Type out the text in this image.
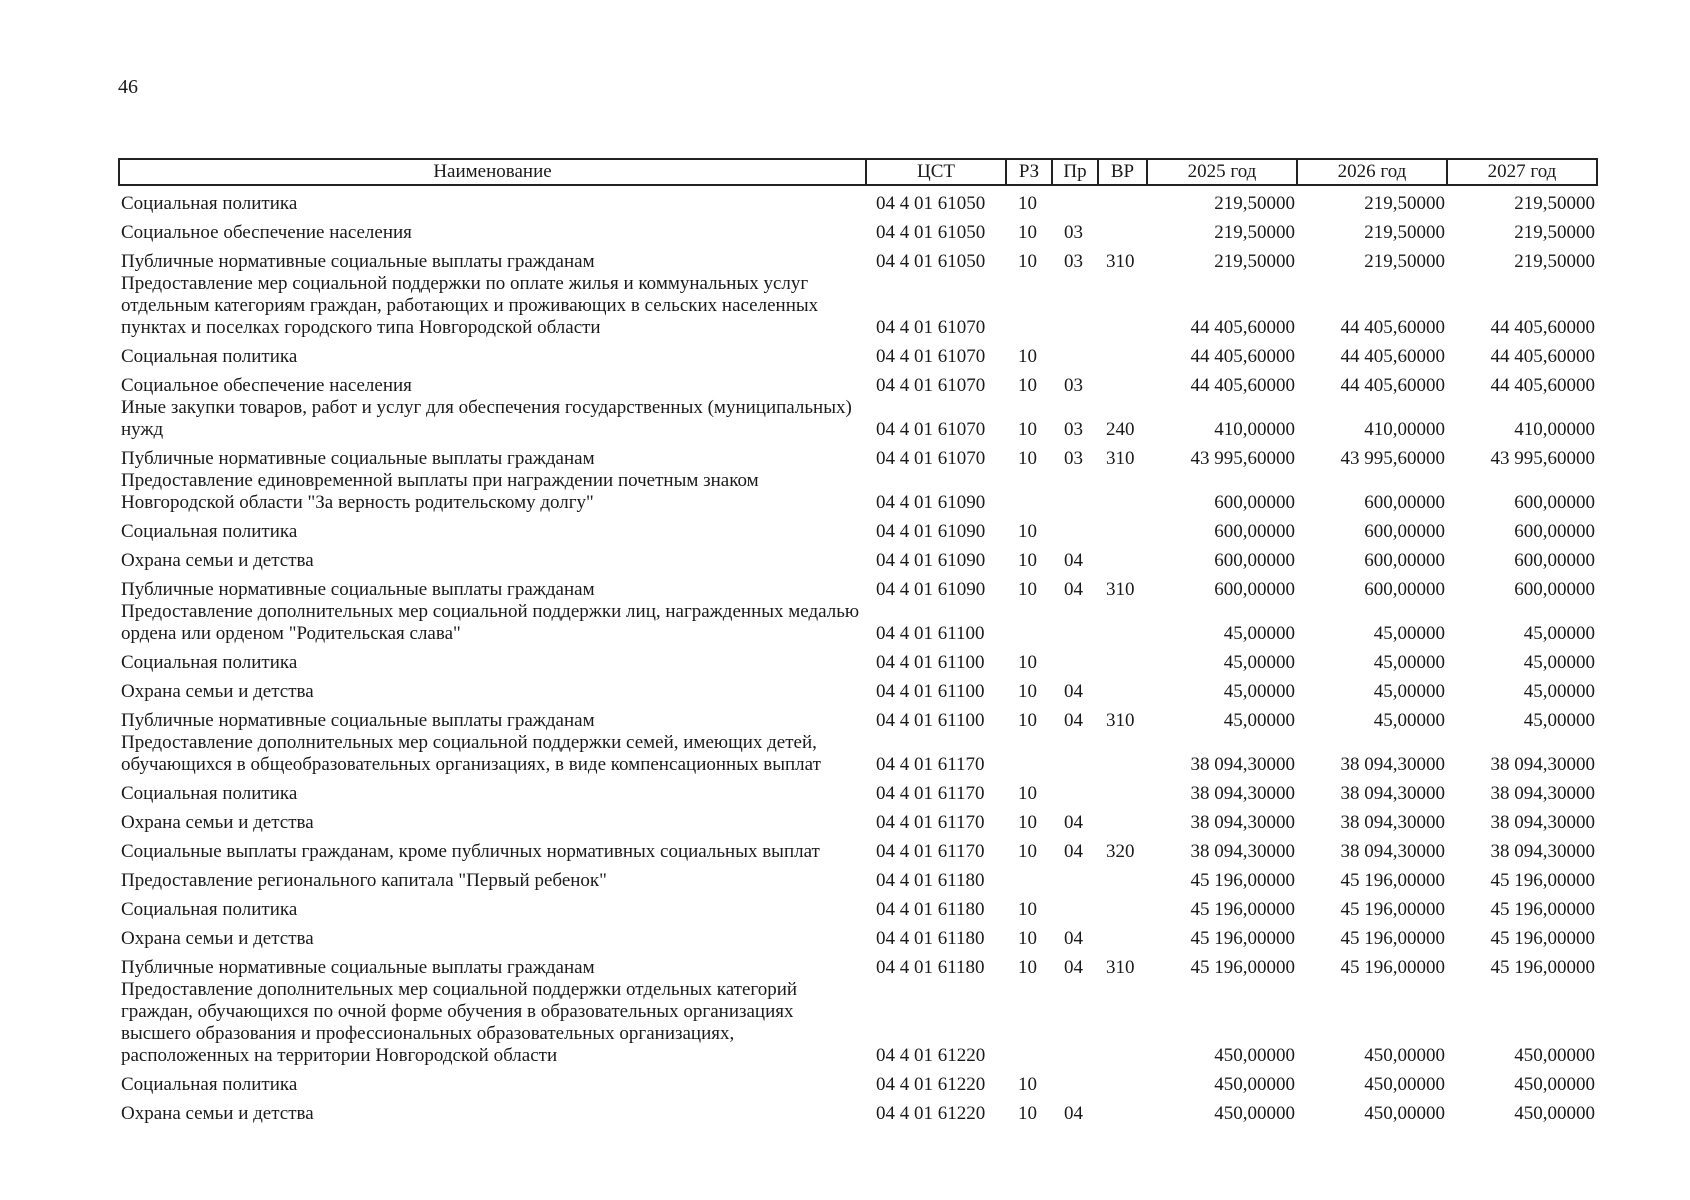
46
Наименование	ЦСТ	РЗ	Пр	ВР	2025 год	2026 год	2027 год
Социальная политика	04 4 01 61050	10			219,50000	219,50000	219,50000
Социальное обеспечение населения	04 4 01 61050	10	03		219,50000	219,50000	219,50000
Публичные нормативные социальные выплаты гражданам	04 4 01 61050	10	03	310	219,50000	219,50000	219,50000
Предоставление мер социальной поддержки по оплате жилья и коммунальных услуг отдельным категориям граждан, работающих и проживающих в сельских населенных пунктах и поселках городского типа Новгородской области	04 4 01 61070				44 405,60000	44 405,60000	44 405,60000
Социальная политика	04 4 01 61070	10			44 405,60000	44 405,60000	44 405,60000
Социальное обеспечение населения	04 4 01 61070	10	03		44 405,60000	44 405,60000	44 405,60000
Иные закупки товаров, работ и услуг для обеспечения государственных (муниципальных) нужд	04 4 01 61070	10	03	240	410,00000	410,00000	410,00000
Публичные нормативные социальные выплаты гражданам	04 4 01 61070	10	03	310	43 995,60000	43 995,60000	43 995,60000
Предоставление единовременной выплаты при награждении почетным знаком Новгородской области "За верность родительскому долгу"	04 4 01 61090				600,00000	600,00000	600,00000
Социальная политика	04 4 01 61090	10			600,00000	600,00000	600,00000
Охрана семьи и детства	04 4 01 61090	10	04		600,00000	600,00000	600,00000
Публичные нормативные социальные выплаты гражданам	04 4 01 61090	10	04	310	600,00000	600,00000	600,00000
Предоставление дополнительных мер социальной поддержки лиц, награжденных медалью ордена или орденом "Родительская слава"	04 4 01 61100				45,00000	45,00000	45,00000
Социальная политика	04 4 01 61100	10			45,00000	45,00000	45,00000
Охрана семьи и детства	04 4 01 61100	10	04		45,00000	45,00000	45,00000
Публичные нормативные социальные выплаты гражданам	04 4 01 61100	10	04	310	45,00000	45,00000	45,00000
Предоставление дополнительных мер социальной поддержки семей, имеющих детей, обучающихся в общеобразовательных организациях, в виде компенсационных выплат	04 4 01 61170				38 094,30000	38 094,30000	38 094,30000
Социальная политика	04 4 01 61170	10			38 094,30000	38 094,30000	38 094,30000
Охрана семьи и детства	04 4 01 61170	10	04		38 094,30000	38 094,30000	38 094,30000
Социальные выплаты гражданам, кроме публичных нормативных социальных выплат	04 4 01 61170	10	04	320	38 094,30000	38 094,30000	38 094,30000
Предоставление регионального капитала "Первый ребенок"	04 4 01 61180				45 196,00000	45 196,00000	45 196,00000
Социальная политика	04 4 01 61180	10			45 196,00000	45 196,00000	45 196,00000
Охрана семьи и детства	04 4 01 61180	10	04		45 196,00000	45 196,00000	45 196,00000
Публичные нормативные социальные выплаты гражданам	04 4 01 61180	10	04	310	45 196,00000	45 196,00000	45 196,00000
Предоставление дополнительных мер социальной поддержки отдельных категорий граждан, обучающихся по очной форме обучения в образовательных организациях высшего образования и профессиональных образовательных организациях, расположенных на территории Новгородской области	04 4 01 61220				450,00000	450,00000	450,00000
Социальная политика	04 4 01 61220	10			450,00000	450,00000	450,00000
Охрана семьи и детства	04 4 01 61220	10	04		450,00000	450,00000	450,00000
